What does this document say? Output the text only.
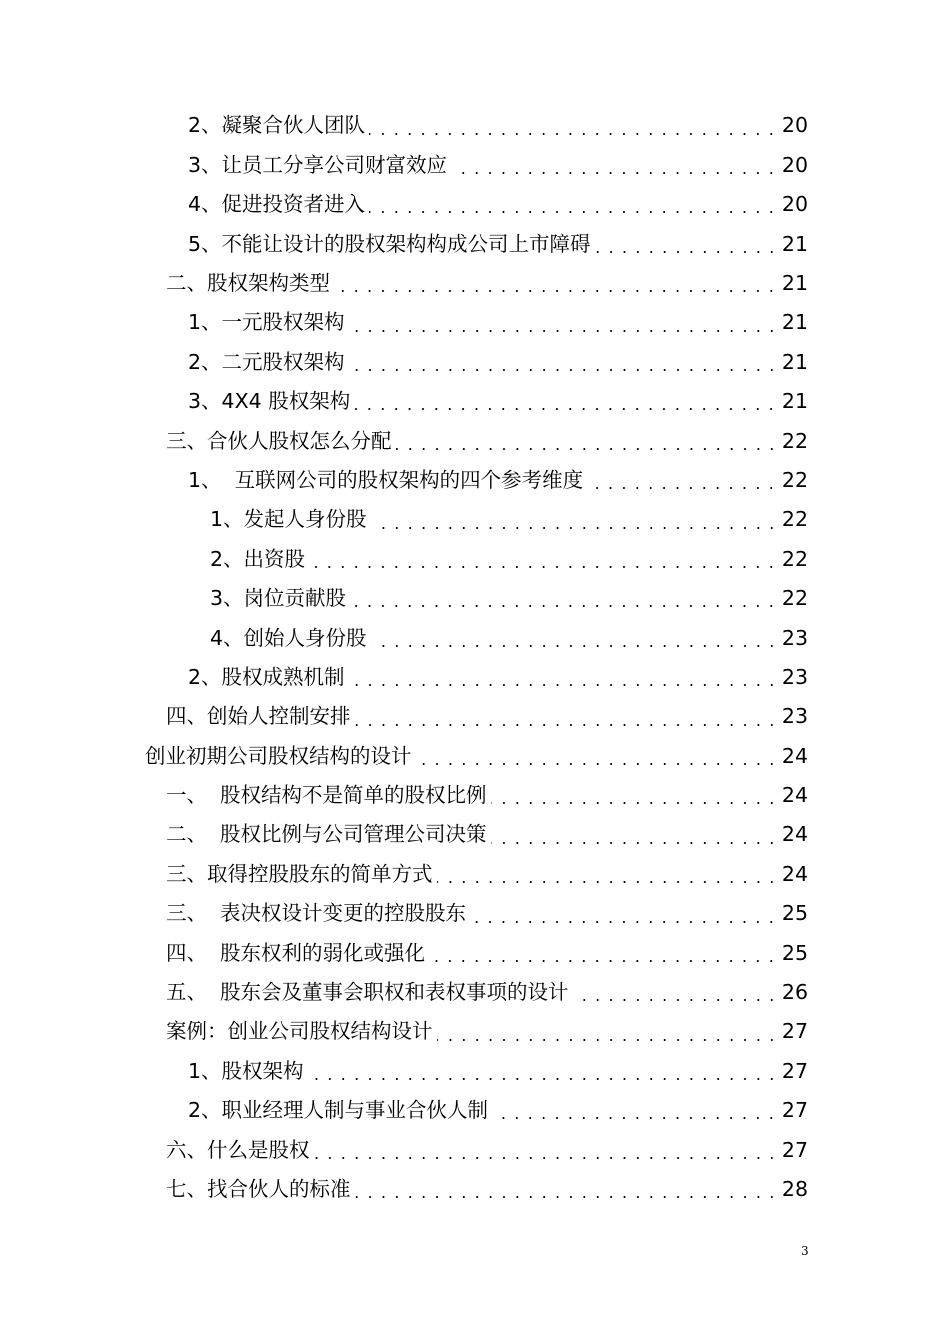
2、凝聚合伙人团队	20
3、让员工分享公司财富效应	20
4、促进投资者进入	20
5、不能让设计的股权架构构成公司上市障碍	21
二、股权架构类型	21
1、一元股权架构	21
2、二元股权架构	21
3、4X4 股权架构	21
三、合伙人股权怎么分配	22
1、  互联网公司的股权架构的四个参考维度	22
1、发起人身份股	22
2、出资股	22
3、岗位贡献股	22
4、创始人身份股	23
2、股权成熟机制	23
四、创始人控制安排	23
创业初期公司股权结构的设计	24
一、  股权结构不是简单的股权比例	24
二、  股权比例与公司管理公司决策	24
三、取得控股股东的简单方式	24
三、  表决权设计变更的控股股东	25
四、  股东权利的弱化或强化	25
五、  股东会及董事会职权和表权事项的设计	26
案例：创业公司股权结构设计	27
1、股权架构	27
2、职业经理人制与事业合伙人制	27
六、什么是股权	27
七、找合伙人的标准	28
3
